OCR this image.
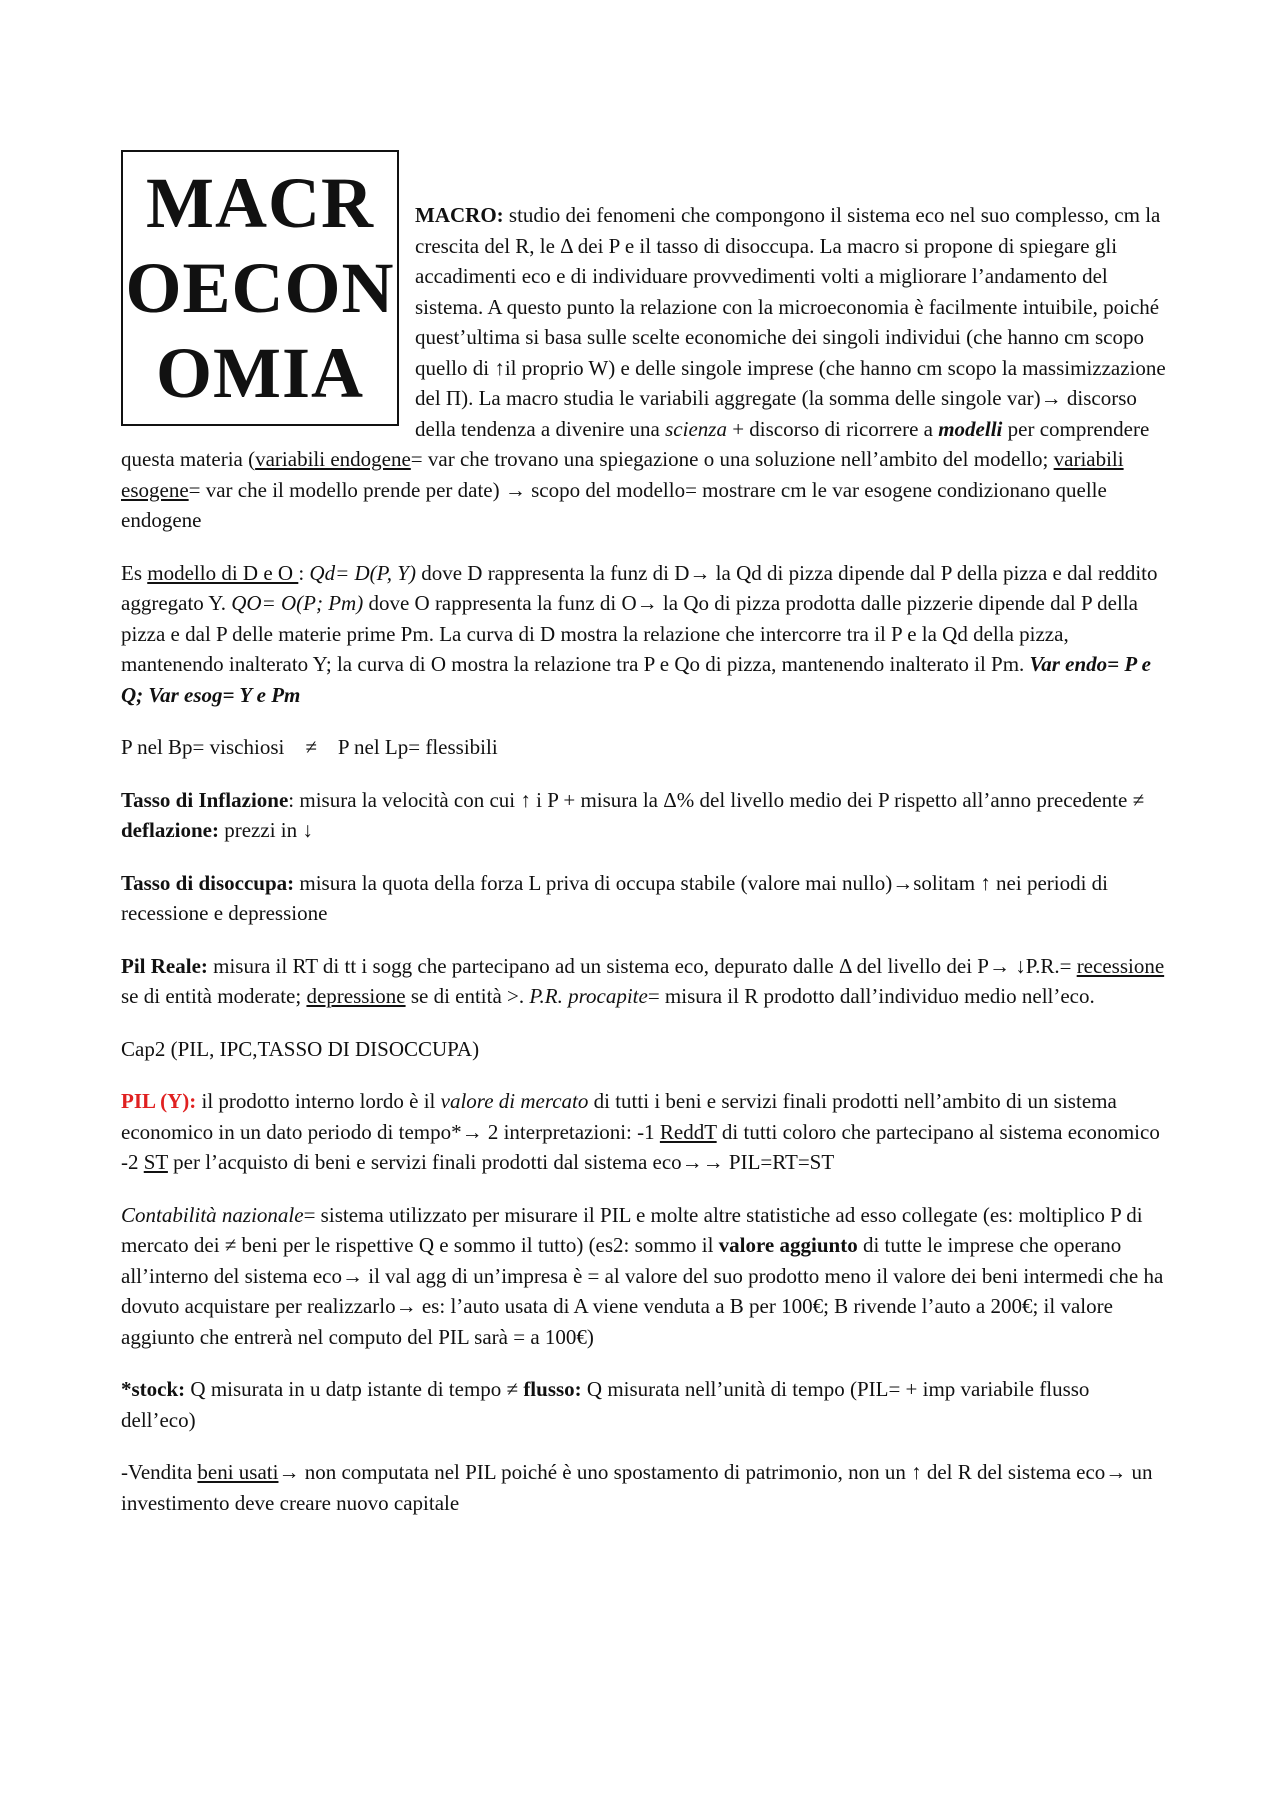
MACR
OECON
OMIA

MACRO: studio dei fenomeni che compongono il sistema eco nel suo complesso, cm la crescita del R, le Δ dei P e il tasso di disoccupa. La macro si propone di spiegare gli accadimenti eco e di individuare provvedimenti volti a migliorare l’andamento del sistema. A questo punto la relazione con la microeconomia è facilmente intuibile, poiché quest’ultima si basa sulle scelte economiche dei singoli individui (che hanno cm scopo quello di ↑il proprio W) e delle singole imprese (che hanno cm scopo la massimizzazione del Π). La macro studia le variabili aggregate (la somma delle singole var)→ discorso della tendenza a divenire una scienza + discorso di ricorrere a modelli per comprendere questa materia (variabili endogene= var che trovano una spiegazione o una soluzione nell’ambito del modello; variabili esogene= var che il modello prende per date) → scopo del modello= mostrare cm le var esogene condizionano quelle endogene

Es modello di D e O : Qd= D(P, Y) dove D rappresenta la funz di D→ la Qd di pizza dipende dal P della pizza e dal reddito aggregato Y. QO= O(P; Pm) dove O rappresenta la funz di O→ la Qo di pizza prodotta dalle pizzerie dipende dal P della pizza e dal P delle materie prime Pm. La curva di D mostra la relazione che intercorre tra il P e la Qd della pizza, mantenendo inalterato Y; la curva di O mostra la relazione tra P e Qo di pizza, mantenendo inalterato il Pm. Var endo= P e Q; Var esog= Y e Pm

P nel Bp= vischiosi    ≠    P nel Lp= flessibili

Tasso di Inflazione: misura la velocità con cui ↑ i P + misura la Δ% del livello medio dei P rispetto all’anno precedente ≠ deflazione: prezzi in ↓

Tasso di disoccupa: misura la quota della forza L priva di occupa stabile (valore mai nullo)→solitam ↑ nei periodi di recessione e depressione

Pil Reale: misura il RT di tt i sogg che partecipano ad un sistema eco, depurato dalle Δ del livello dei P→ ↓P.R.= recessione se di entità moderate; depressione se di entità >. P.R. procapite= misura il R prodotto dall’individuo medio nell’eco.

Cap2 (PIL, IPC,TASSO DI DISOCCUPA)

PIL (Y): il prodotto interno lordo è il valore di mercato di tutti i beni e servizi finali prodotti nell’ambito di un sistema economico in un dato periodo di tempo*→ 2 interpretazioni: -1 ReddT di tutti coloro che partecipano al sistema economico -2 ST per l’acquisto di beni e servizi finali prodotti dal sistema eco→→ PIL=RT=ST

Contabilità nazionale= sistema utilizzato per misurare il PIL e molte altre statistiche ad esso collegate (es: moltiplico P di mercato dei ≠ beni per le rispettive Q e sommo il tutto) (es2: sommo il valore aggiunto di tutte le imprese che operano all’interno del sistema eco→ il val agg di un’impresa è = al valore del suo prodotto meno il valore dei beni intermedi che ha dovuto acquistare per realizzarlo→ es: l’auto usata di A viene venduta a B per 100€; B rivende l’auto a 200€; il valore aggiunto che entrerà nel computo del PIL sarà = a 100€)

*stock: Q misurata in u datp istante di tempo ≠ flusso: Q misurata nell’unità di tempo (PIL= + imp variabile flusso dell’eco)

-Vendita beni usati→ non computata nel PIL poiché è uno spostamento di patrimonio, non un ↑ del R del sistema eco→ un investimento deve creare nuovo capitale
